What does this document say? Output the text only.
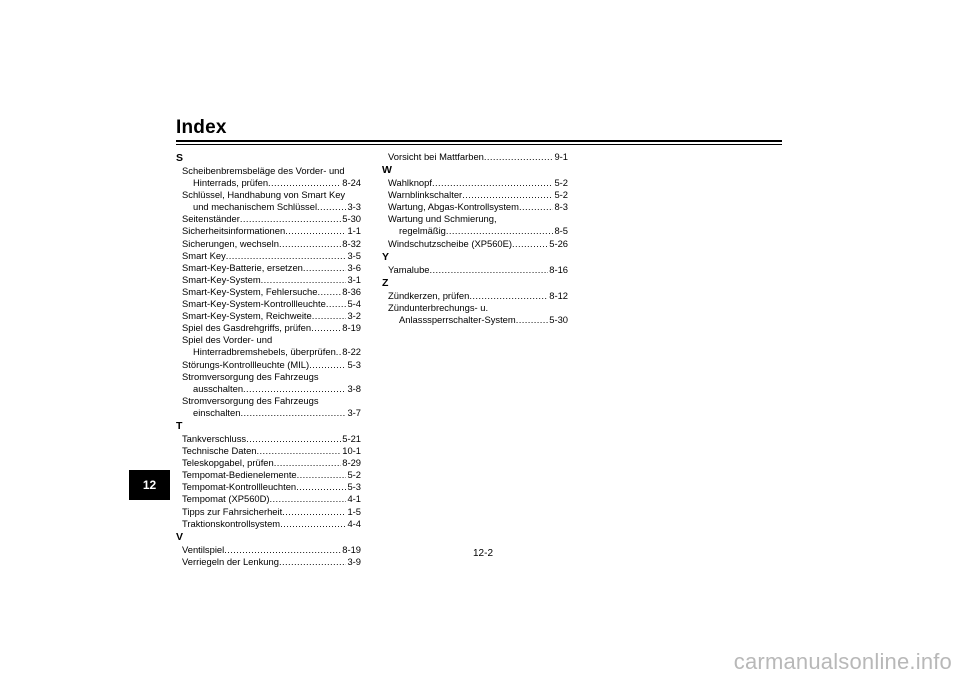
Index
12
S
Scheibenbremsbeläge des Vorder- und
Hinterrads, prüfen .....	8-24
Schlüssel, Handhabung von Smart Key
und mechanischem Schlüssel .....	3-3
Seitenständer .....	5-30
Sicherheitsinformationen .....	1-1
Sicherungen, wechseln .....	8-32
Smart Key .....	3-5
Smart-Key-Batterie, ersetzen .....	3-6
Smart-Key-System .....	3-1
Smart-Key-System, Fehlersuche .....	8-36
Smart-Key-System-Kontrollleuchte ..... 5-4
Smart-Key-System, Reichweite .....	3-2
Spiel des Gasdrehgriffs, prüfen .....	8-19
Spiel des Vorder- und
Hinterradbremshebels, überprüfen ..... 8-22
Störungs-Kontrollleuchte (MIL) .....	5-3
Stromversorgung des Fahrzeugs
ausschalten .....	3-8
Stromversorgung des Fahrzeugs
einschalten .....	3-7
T
Tankverschluss .....	5-21
Technische Daten .....	10-1
Teleskopgabel, prüfen .....	8-29
Tempomat-Bedienelemente .....	5-2
Tempomat-Kontrollleuchten .....	5-3
Tempomat (XP560D) .....	4-1
Tipps zur Fahrsicherheit .....	1-5
Traktionskontrollsystem .....	4-4
V
Ventilspiel .....	8-19
Verriegeln der Lenkung .....	3-9
Vorsicht bei Mattfarben .....	9-1
W
Wahlknopf .....	5-2
Warnblinkschalter .....	5-2
Wartung, Abgas-Kontrollsystem .....	8-3
Wartung und Schmierung,
regelmäßig .....	8-5
Windschutzscheibe (XP560E) .....	5-26
Y
Yamalube .....	8-16
Z
Zündkerzen, prüfen .....	8-12
Zündunterbrechungs- u.
Anlasssperrschalter-System .....	5-30
12-2
carmanualsonline.info
